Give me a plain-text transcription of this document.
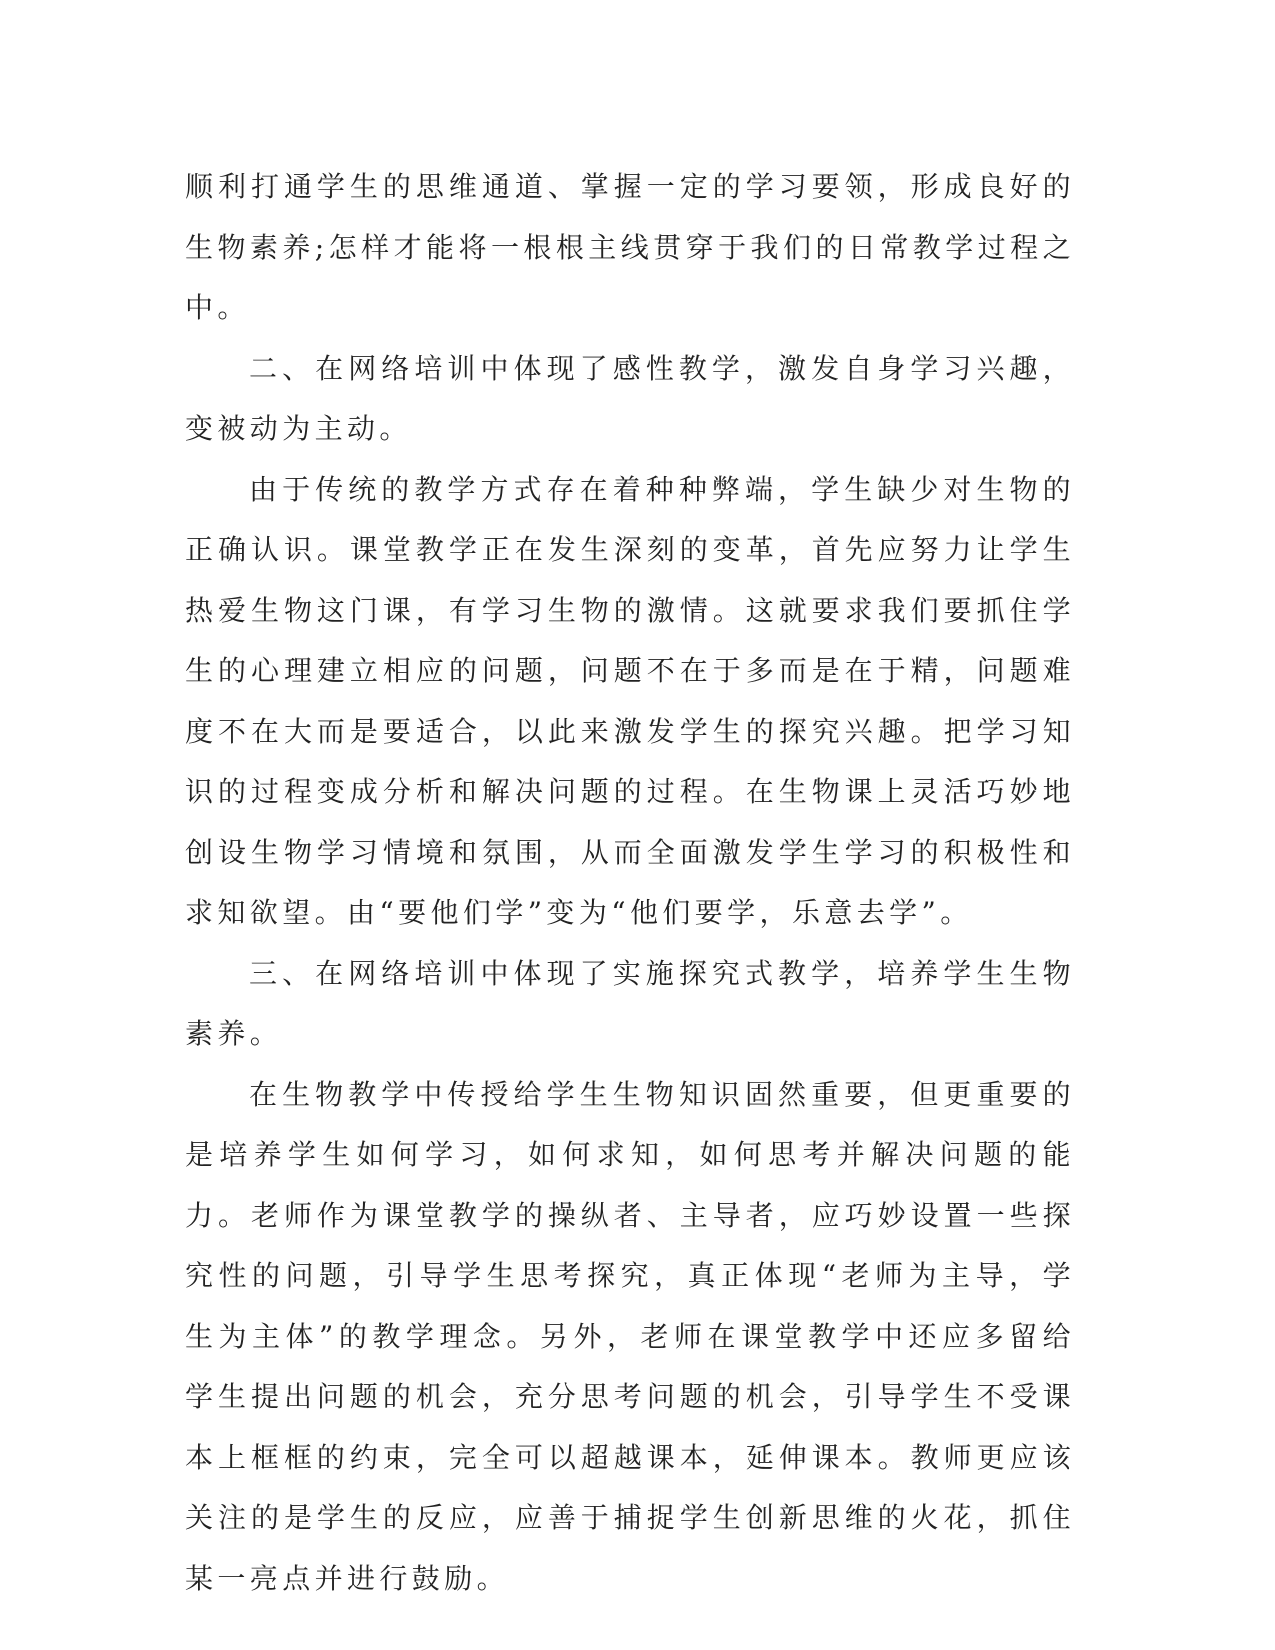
顺利打通学生的思维通道、掌握一定的学习要领，形成良好的生物素养;怎样才能将一根根主线贯穿于我们的日常教学过程之中。

二、在网络培训中体现了感性教学，激发自身学习兴趣，变被动为主动。

由于传统的教学方式存在着种种弊端，学生缺少对生物的正确认识。课堂教学正在发生深刻的变革，首先应努力让学生热爱生物这门课，有学习生物的激情。这就要求我们要抓住学生的心理建立相应的问题，问题不在于多而是在于精，问题难度不在大而是要适合，以此来激发学生的探究兴趣。把学习知识的过程变成分析和解决问题的过程。在生物课上灵活巧妙地创设生物学习情境和氛围，从而全面激发学生学习的积极性和求知欲望。由“要他们学”变为“他们要学，乐意去学”。

三、在网络培训中体现了实施探究式教学，培养学生生物素养。

在生物教学中传授给学生生物知识固然重要，但更重要的是培养学生如何学习，如何求知，如何思考并解决问题的能力。老师作为课堂教学的操纵者、主导者，应巧妙设置一些探究性的问题，引导学生思考探究，真正体现“老师为主导，学生为主体”的教学理念。另外，老师在课堂教学中还应多留给学生提出问题的机会，充分思考问题的机会，引导学生不受课本上框框的约束，完全可以超越课本，延伸课本。教师更应该关注的是学生的反应，应善于捕捉学生创新思维的火花，抓住某一亮点并进行鼓励。
